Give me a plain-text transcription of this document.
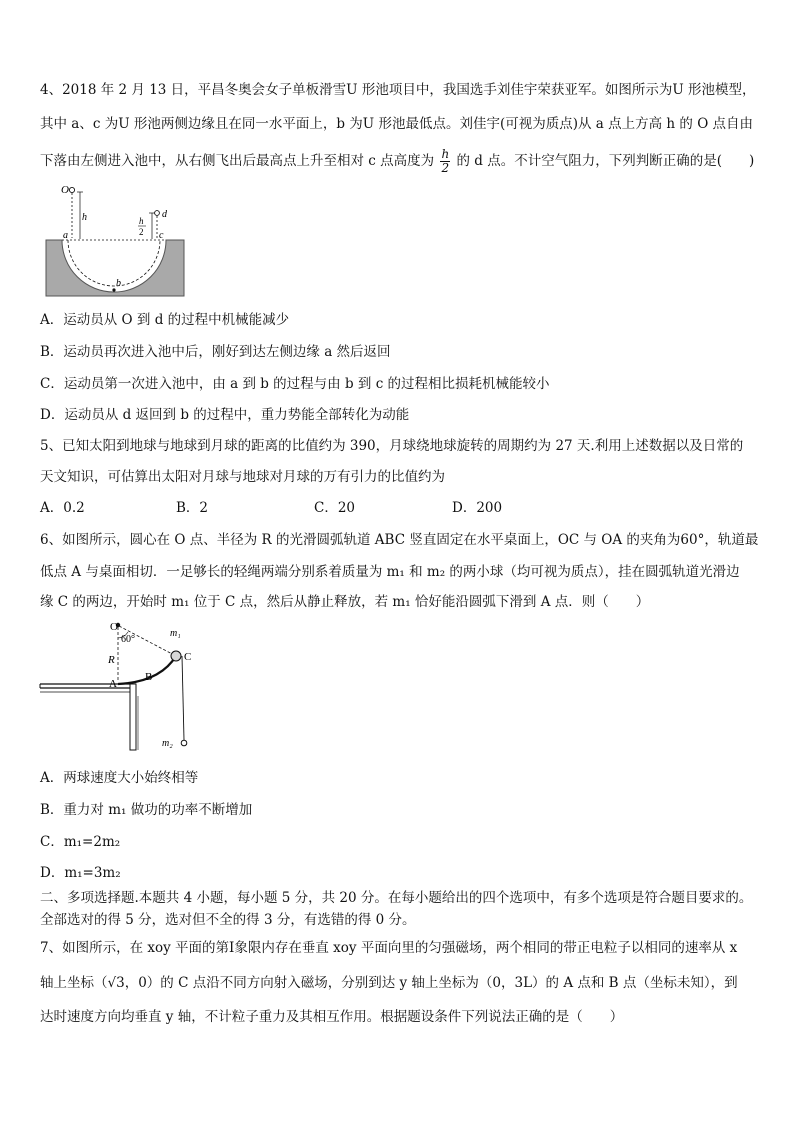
4、2018 年 2 月 13 日，平昌冬奥会女子单板滑雪U 形池项目中，我国选手刘佳宇荣获亚军。如图所示为U 形池模型，
其中 a、c 为U 形池两侧边缘且在同一水平面上，b 为U 形池最低点。刘佳宇(可视为质点)从 a 点上方高 h 的 O 点自由
下落由左侧进入池中，从右侧飞出后最高点上升至相对 c 点高度为 $\frac{h}{2}$ 的 d 点。不计空气阻力，下列判断正确的是(　　)
O
h
a
b
c
d
h
2
A．运动员从 O 到 d 的过程中机械能减少
B．运动员再次进入池中后，刚好到达左侧边缘 a 然后返回
C．运动员第一次进入池中，由 a 到 b 的过程与由 b 到 c 的过程相比损耗机械能较小
D．运动员从 d 返回到 b 的过程中，重力势能全部转化为动能
5、已知太阳到地球与地球到月球的距离的比值约为 390，月球绕地球旋转的周期约为 27 天.利用上述数据以及日常的
天文知识，可估算出太阳对月球与地球对月球的万有引力的比值约为
A．0.2	B．2	C．20	D．200
6、如图所示，圆心在 O 点、半径为 R 的光滑圆弧轨道 ABC 竖直固定在水平桌面上，OC 与 OA 的夹角为60°，轨道最
低点 A 与桌面相切．一足够长的轻绳两端分别系着质量为 m₁ 和 m₂ 的两小球（均可视为质点），挂在圆弧轨道光滑边
缘 C 的两边，开始时 m₁ 位于 C 点，然后从静止释放，若 m₁ 恰好能沿圆弧下滑到 A 点．则（　　）
O
60°
R
A
B
C
m₁
m₂
A．两球速度大小始终相等
B．重力对 m₁ 做功的功率不断增加
C．m₁=2m₂
D．m₁=3m₂
二、多项选择题.本题共 4 小题，每小题 5 分，共 20 分。在每小题给出的四个选项中，有多个选项是符合题目要求的。
全部选对的得 5 分，选对但不全的得 3 分，有选错的得 0 分。
7、如图所示，在 xoy 平面的第Ⅰ象限内存在垂直 xoy 平面向里的匀强磁场，两个相同的带正电粒子以相同的速率从 x
轴上坐标（√3，0）的 C 点沿不同方向射入磁场，分别到达 y 轴上坐标为（0，3L）的 A 点和 B 点（坐标未知），到
达时速度方向均垂直 y 轴，不计粒子重力及其相互作用。根据题设条件下列说法正确的是（　　）
